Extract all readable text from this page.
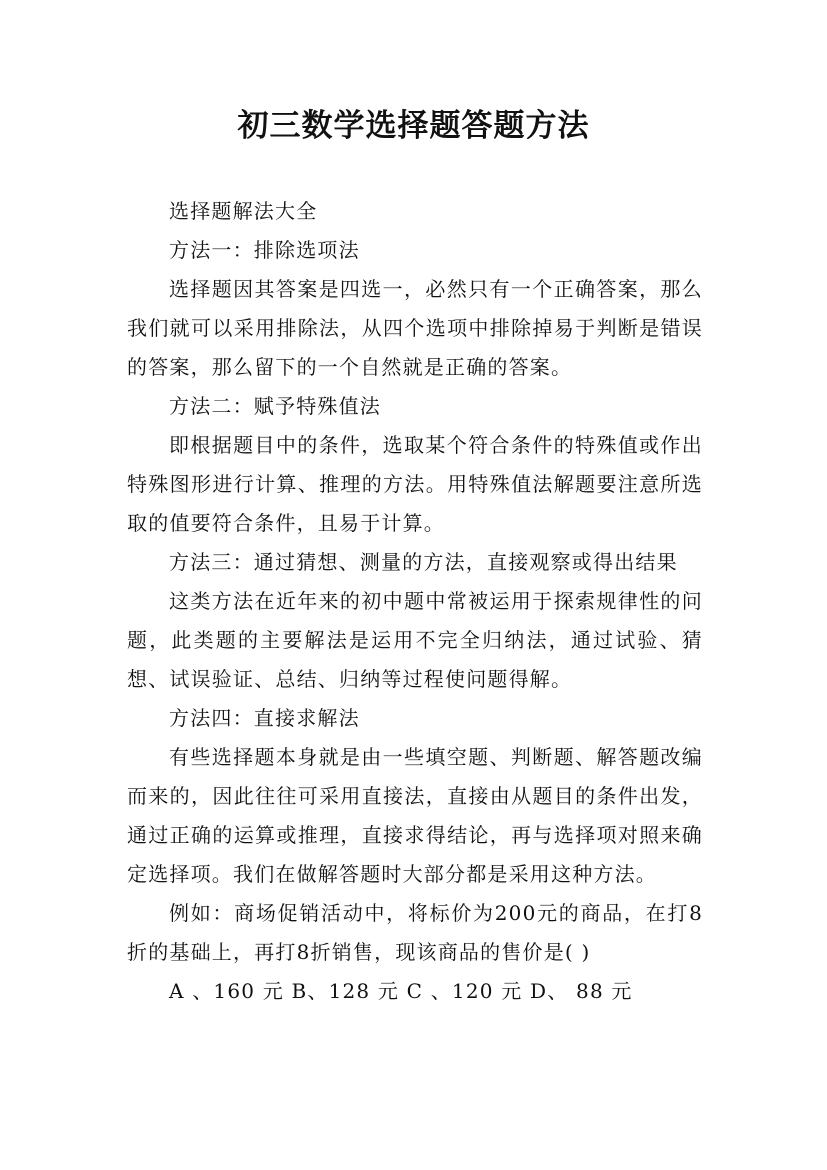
初三数学选择题答题方法

选择题解法大全

方法一：排除选项法

选择题因其答案是四选一，必然只有一个正确答案，那么我们就可以采用排除法，从四个选项中排除掉易于判断是错误的答案，那么留下的一个自然就是正确的答案。

方法二：赋予特殊值法

即根据题目中的条件，选取某个符合条件的特殊值或作出特殊图形进行计算、推理的方法。用特殊值法解题要注意所选取的值要符合条件，且易于计算。

方法三：通过猜想、测量的方法，直接观察或得出结果

这类方法在近年来的初中题中常被运用于探索规律性的问题，此类题的主要解法是运用不完全归纳法，通过试验、猜想、试误验证、总结、归纳等过程使问题得解。

方法四：直接求解法

有些选择题本身就是由一些填空题、判断题、解答题改编而来的，因此往往可采用直接法，直接由从题目的条件出发，通过正确的运算或推理，直接求得结论，再与选择项对照来确定选择项。我们在做解答题时大部分都是采用这种方法。

例如：商场促销活动中，将标价为200元的商品，在打8折的基础上，再打8折销售，现该商品的售价是( )

A 、160 元 B、128 元 C 、120 元 D、 88 元
